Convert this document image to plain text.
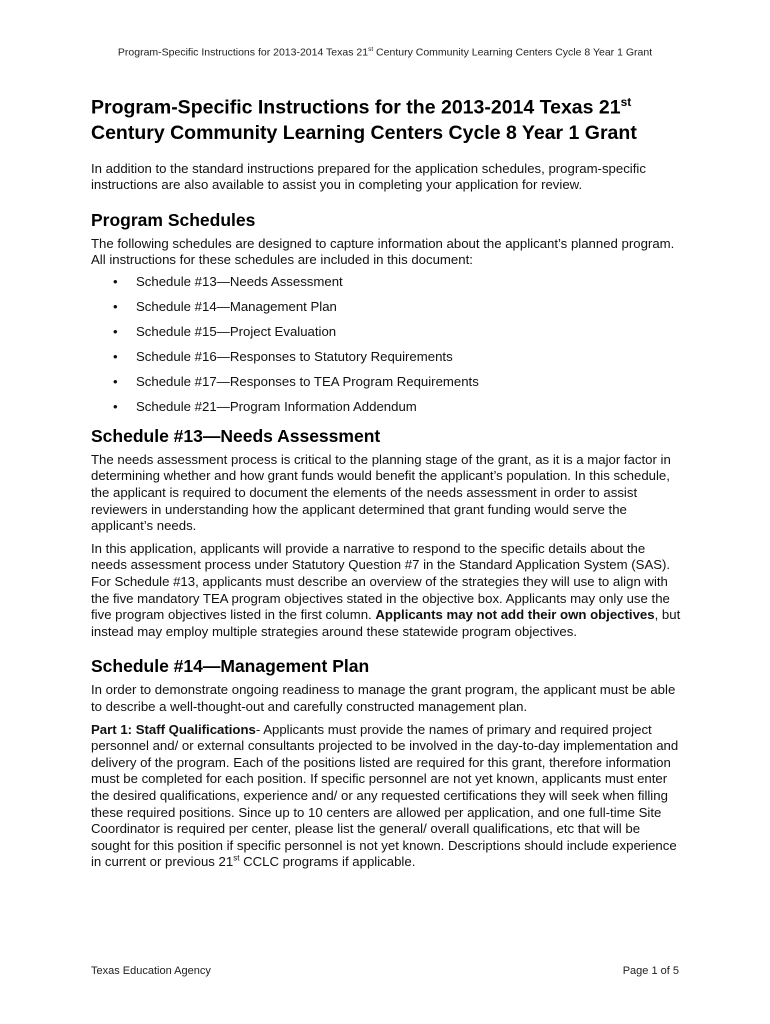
Program-Specific Instructions for 2013-2014 Texas 21st Century Community Learning Centers Cycle 8 Year 1 Grant
Program-Specific Instructions for the 2013-2014 Texas 21st
Century Community Learning Centers Cycle 8 Year 1 Grant

In addition to the standard instructions prepared for the application schedules, program-specific instructions are also available to assist you in completing your application for review.

Program Schedules

The following schedules are designed to capture information about the applicant’s planned program. All instructions for these schedules are included in this document:

• Schedule #13—Needs Assessment
• Schedule #14—Management Plan
• Schedule #15—Project Evaluation
• Schedule #16—Responses to Statutory Requirements
• Schedule #17—Responses to TEA Program Requirements
• Schedule #21—Program Information Addendum
Schedule #13—Needs Assessment

The needs assessment process is critical to the planning stage of the grant, as it is a major factor in determining whether and how grant funds would benefit the applicant’s population. In this schedule, the applicant is required to document the elements of the needs assessment in order to assist reviewers in understanding how the applicant determined that grant funding would serve the applicant’s needs.

In this application, applicants will provide a narrative to respond to the specific details about the needs assessment process under Statutory Question #7 in the Standard Application System (SAS). For Schedule #13, applicants must describe an overview of the strategies they will use to align with the five mandatory TEA program objectives stated in the objective box. Applicants may only use the five program objectives listed in the first column. Applicants may not add their own objectives, but instead may employ multiple strategies around these statewide program objectives.

Schedule #14—Management Plan

In order to demonstrate ongoing readiness to manage the grant program, the applicant must be able to describe a well-thought-out and carefully constructed management plan.

Part 1: Staff Qualifications- Applicants must provide the names of primary and required project personnel and/ or external consultants projected to be involved in the day-to-day implementation and delivery of the program. Each of the positions listed are required for this grant, therefore information must be completed for each position. If specific personnel are not yet known, applicants must enter the desired qualifications, experience and/ or any requested certifications they will seek when filling these required positions. Since up to 10 centers are allowed per application, and one full-time Site Coordinator is required per center, please list the general/ overall qualifications, etc that will be sought for this position if specific personnel is not yet known. Descriptions should include experience in current or previous 21st CCLC programs if applicable.

Texas Education Agency	Page 1 of 5
